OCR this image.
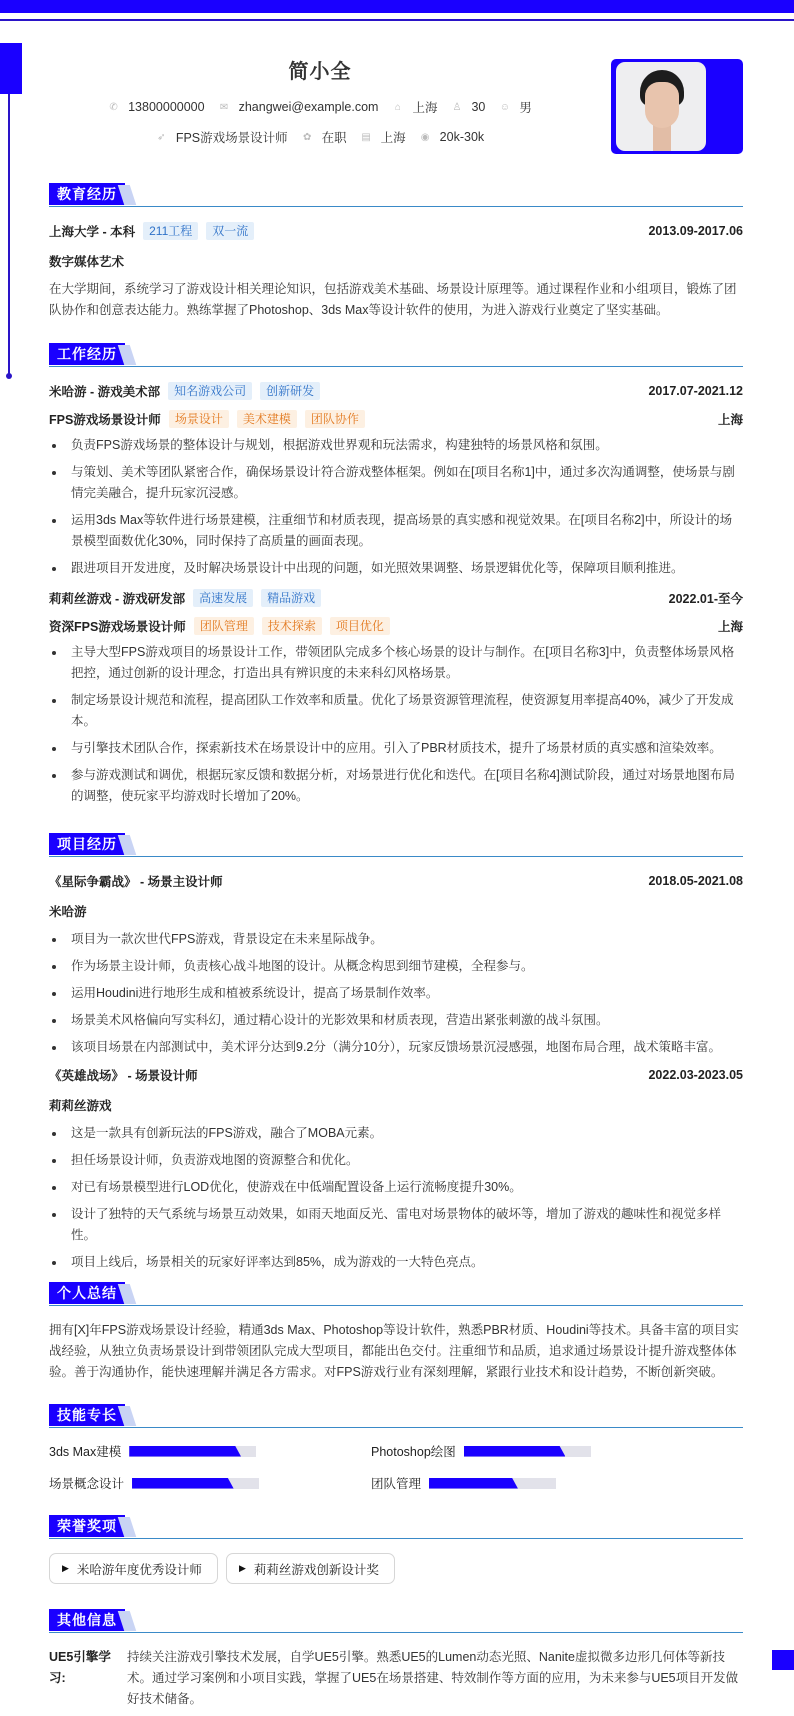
简小全
✆ 13800000000 ✉ zhangwei@example.com ⌂ 上海 ♙ 30 ☺ 男
➶ FPS游戏场景设计师 ✿ 在职 ▤ 上海 ◉ 20k-30k
教育经历
上海大学 - 本科	211工程	双一流	2013.09-2017.06
数字媒体艺术

在大学期间，系统学习了游戏设计相关理论知识，包括游戏美术基础、场景设计原理等。通过课程作业和小组项目，锻炼了团队协作和创意表达能力。熟练掌握了Photoshop、3ds Max等设计软件的使用，为进入游戏行业奠定了坚实基础。

工作经历
米哈游 - 游戏美术部	知名游戏公司	创新研发	2017.07-2021.12
FPS游戏场景设计师	场景设计	美术建模	团队协作	上海
负责FPS游戏场景的整体设计与规划，根据游戏世界观和玩法需求，构建独特的场景风格和氛围。
与策划、美术等团队紧密合作，确保场景设计符合游戏整体框架。例如在[项目名称1]中，通过多次沟通调整，使场景与剧情完美融合，提升玩家沉浸感。
运用3ds Max等软件进行场景建模，注重细节和材质表现，提高场景的真实感和视觉效果。在[项目名称2]中，所设计的场景模型面数优化30%，同时保持了高质量的画面表现。
跟进项目开发进度，及时解决场景设计中出现的问题，如光照效果调整、场景逻辑优化等，保障项目顺利推进。
莉莉丝游戏 - 游戏研发部	高速发展	精品游戏	2022.01-至今
资深FPS游戏场景设计师	团队管理	技术探索	项目优化	上海
主导大型FPS游戏项目的场景设计工作，带领团队完成多个核心场景的设计与制作。在[项目名称3]中，负责整体场景风格把控，通过创新的设计理念，打造出具有辨识度的未来科幻风格场景。
制定场景设计规范和流程，提高团队工作效率和质量。优化了场景资源管理流程，使资源复用率提高40%，减少了开发成本。
与引擎技术团队合作，探索新技术在场景设计中的应用。引入了PBR材质技术，提升了场景材质的真实感和渲染效率。
参与游戏测试和调优，根据玩家反馈和数据分析，对场景进行优化和迭代。在[项目名称4]测试阶段，通过对场景地图布局的调整，使玩家平均游戏时长增加了20%。
项目经历
《星际争霸战》 - 场景主设计师	2018.05-2021.08
米哈游
项目为一款次世代FPS游戏，背景设定在未来星际战争。
作为场景主设计师，负责核心战斗地图的设计。从概念构思到细节建模，全程参与。
运用Houdini进行地形生成和植被系统设计，提高了场景制作效率。
场景美术风格偏向写实科幻，通过精心设计的光影效果和材质表现，营造出紧张刺激的战斗氛围。
该项目场景在内部测试中，美术评分达到9.2分（满分10分），玩家反馈场景沉浸感强，地图布局合理，战术策略丰富。
《英雄战场》 - 场景设计师	2022.03-2023.05
莉莉丝游戏
这是一款具有创新玩法的FPS游戏，融合了MOBA元素。
担任场景设计师，负责游戏地图的资源整合和优化。
对已有场景模型进行LOD优化，使游戏在中低端配置设备上运行流畅度提升30%。
设计了独特的天气系统与场景互动效果，如雨天地面反光、雷电对场景物体的破坏等，增加了游戏的趣味性和视觉多样性。
项目上线后，场景相关的玩家好评率达到85%，成为游戏的一大特色亮点。
个人总结

拥有[X]年FPS游戏场景设计经验，精通3ds Max、Photoshop等设计软件，熟悉PBR材质、Houdini等技术。具备丰富的项目实战经验，从独立负责场景设计到带领团队完成大型项目，都能出色交付。注重细节和品质，追求通过场景设计提升游戏整体体验。善于沟通协作，能快速理解并满足各方需求。对FPS游戏行业有深刻理解，紧跟行业技术和设计趋势，不断创新突破。

技能专长
3ds Max建模	Photoshop绘图
场景概念设计	团队管理
荣誉奖项
▶ 米哈游年度优秀设计师	▶ 莉莉丝游戏创新设计奖
其他信息
UE5引擎学习:
持续关注游戏引擎技术发展，自学UE5引擎。熟悉UE5的Lumen动态光照、Nanite虚拟微多边形几何体等新技术。通过学习案例和小项目实践，掌握了UE5在场景搭建、特效制作等方面的应用，为未来参与UE5项目开发做好技术储备。
